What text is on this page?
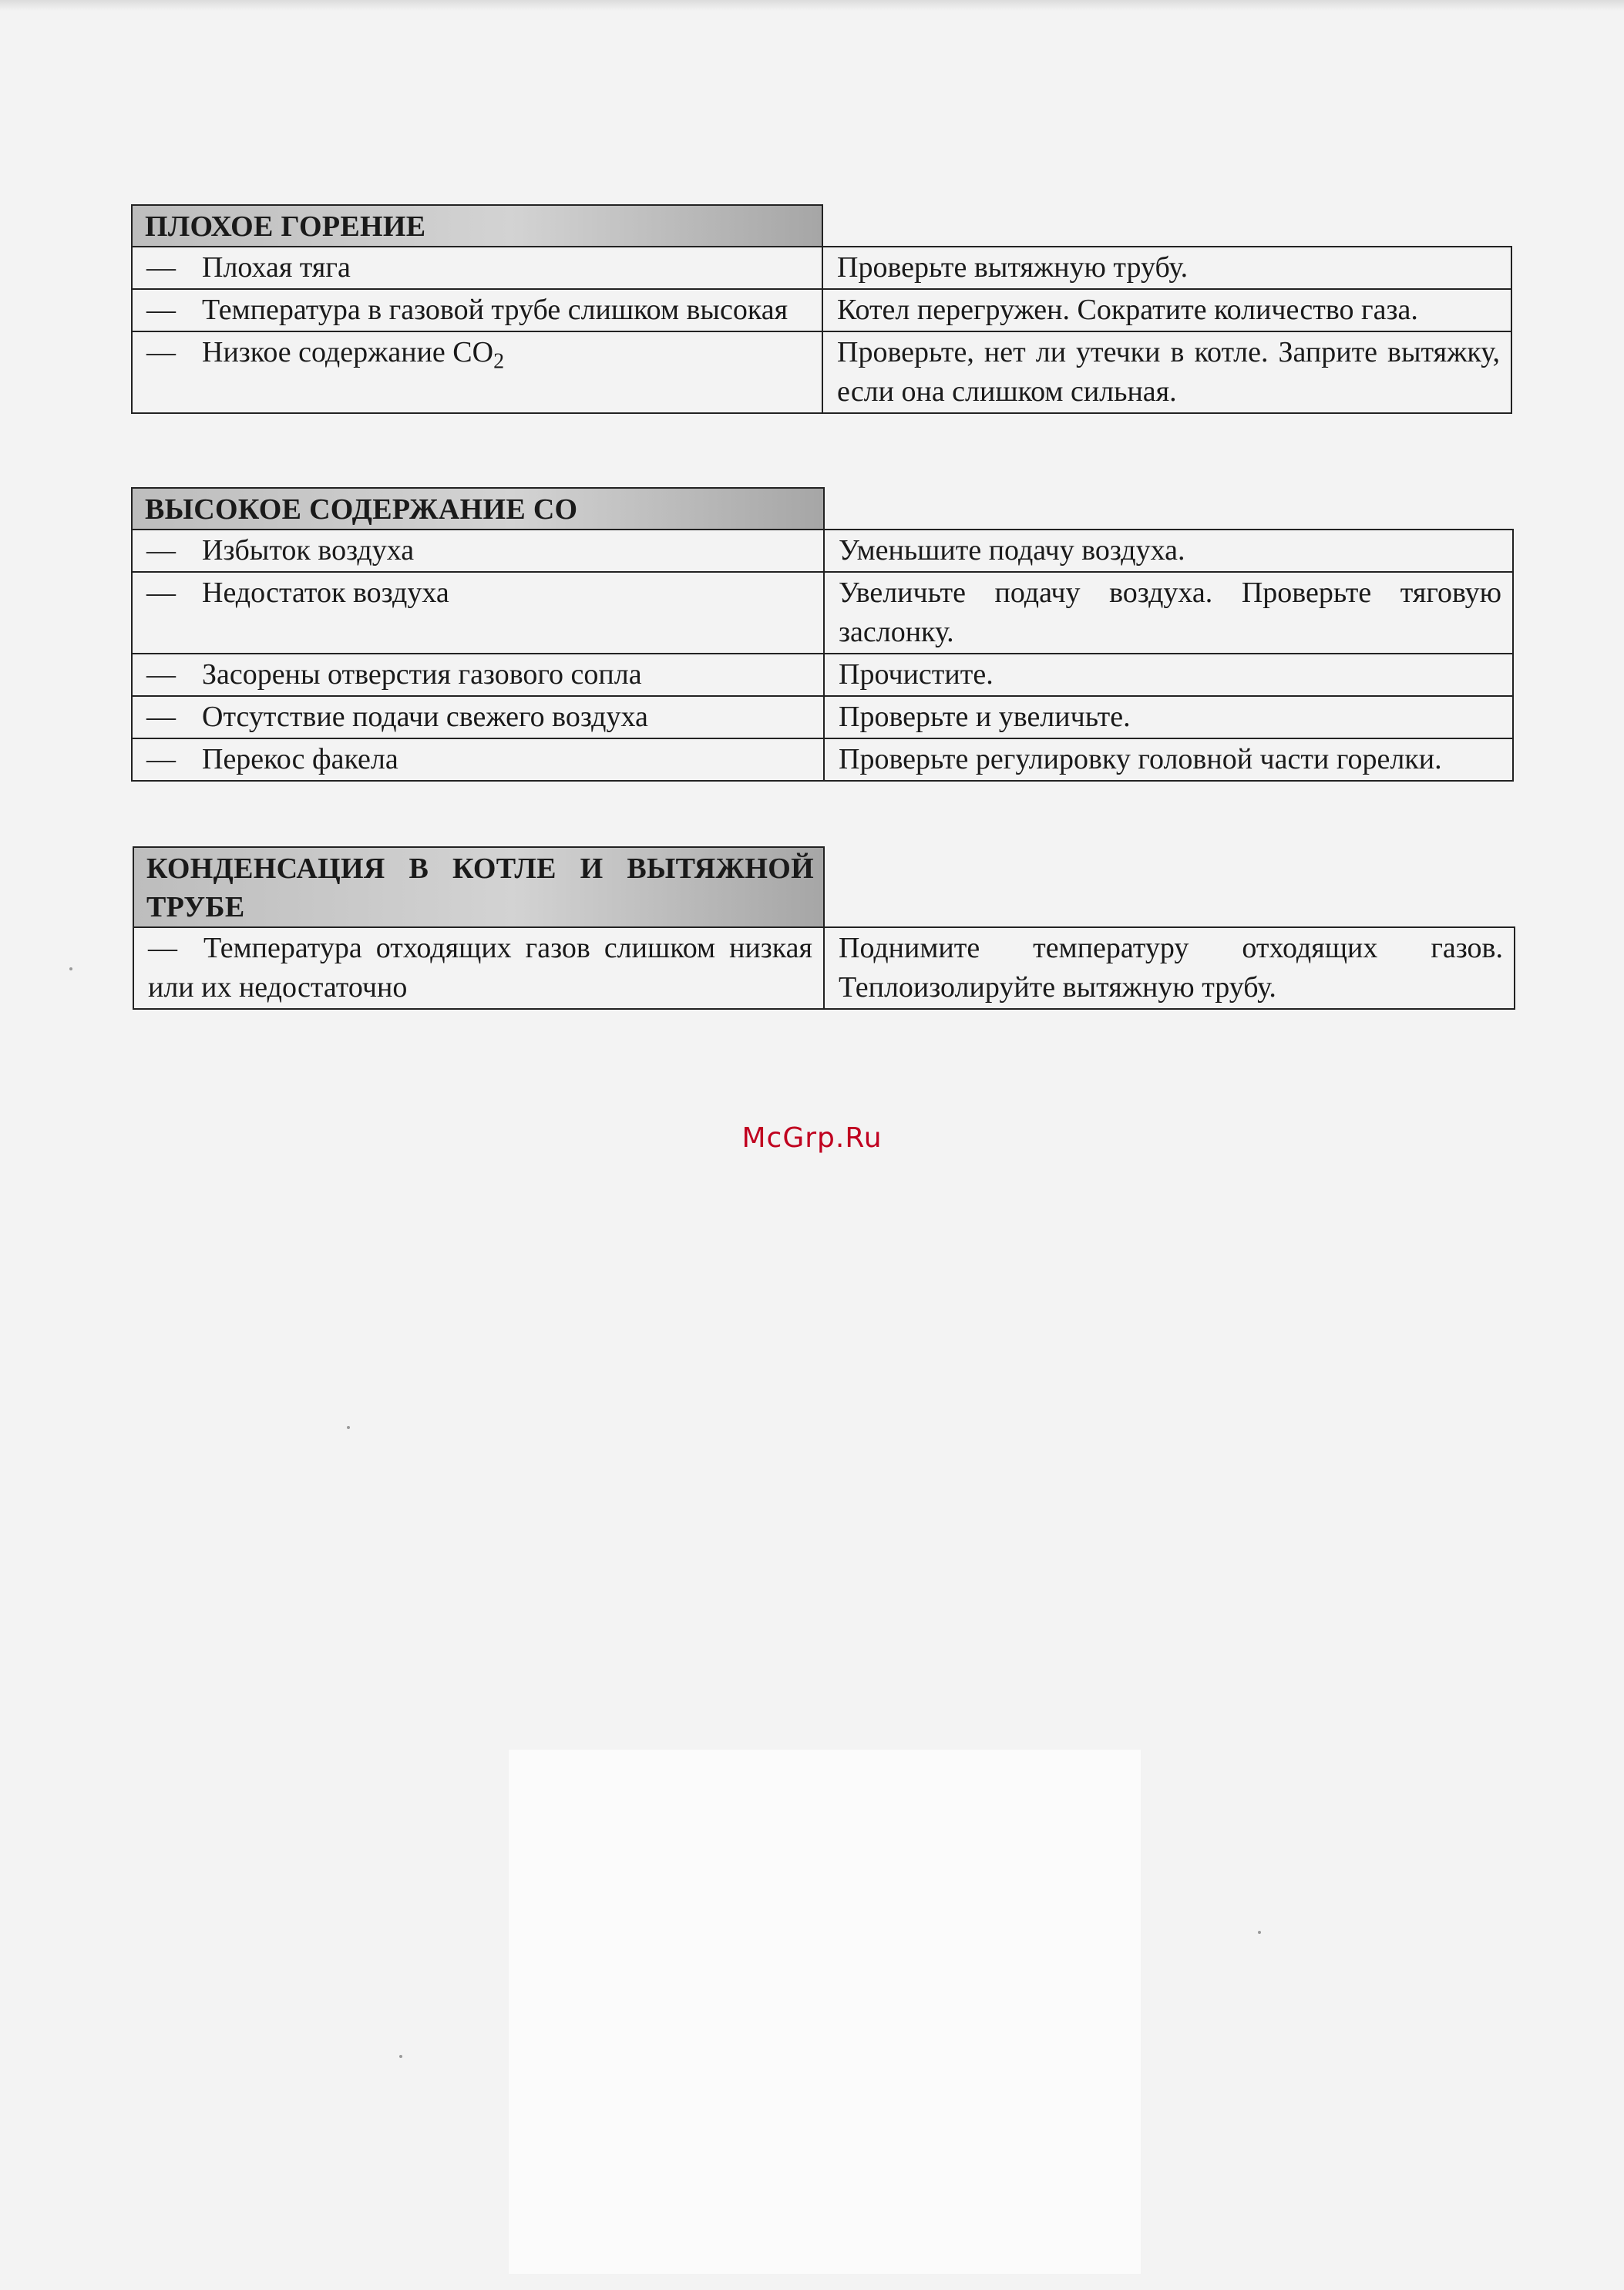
ПЛОХОЕ ГОРЕНИЕ	
— Плохая тяга	Проверьте вытяжную трубу.
— Температура в газовой трубе слишком высокая	Котел перегружен. Сократите количество газа.
— Низкое содержание $СО_2$	Проверьте, нет ли утечки в котле. Заприте вытяжку, если она слишком сильная.
ВЫСОКОЕ СОДЕРЖАНИЕ СО	
— Избыток воздуха	Уменьшите подачу воздуха.
— Недостаток воздуха	Увеличьте подачу воздуха. Проверьте тяговую заслонку.
— Засорены отверстия газового сопла	Прочистите.
— Отсутствие подачи свежего воздуха	Проверьте и увеличьте.
— Перекос факела	Проверьте регулировку головной части горелки.
КОНДЕНСАЦИЯ В КОТЛЕ И ВЫТЯЖНОЙ ТРУБЕ	
— Температура отходящих газов слишком низкая или их недостаточно	Поднимите температуру отходящих газов. Теплоизолируйте вытяжную трубу.
McGrp.Ru
